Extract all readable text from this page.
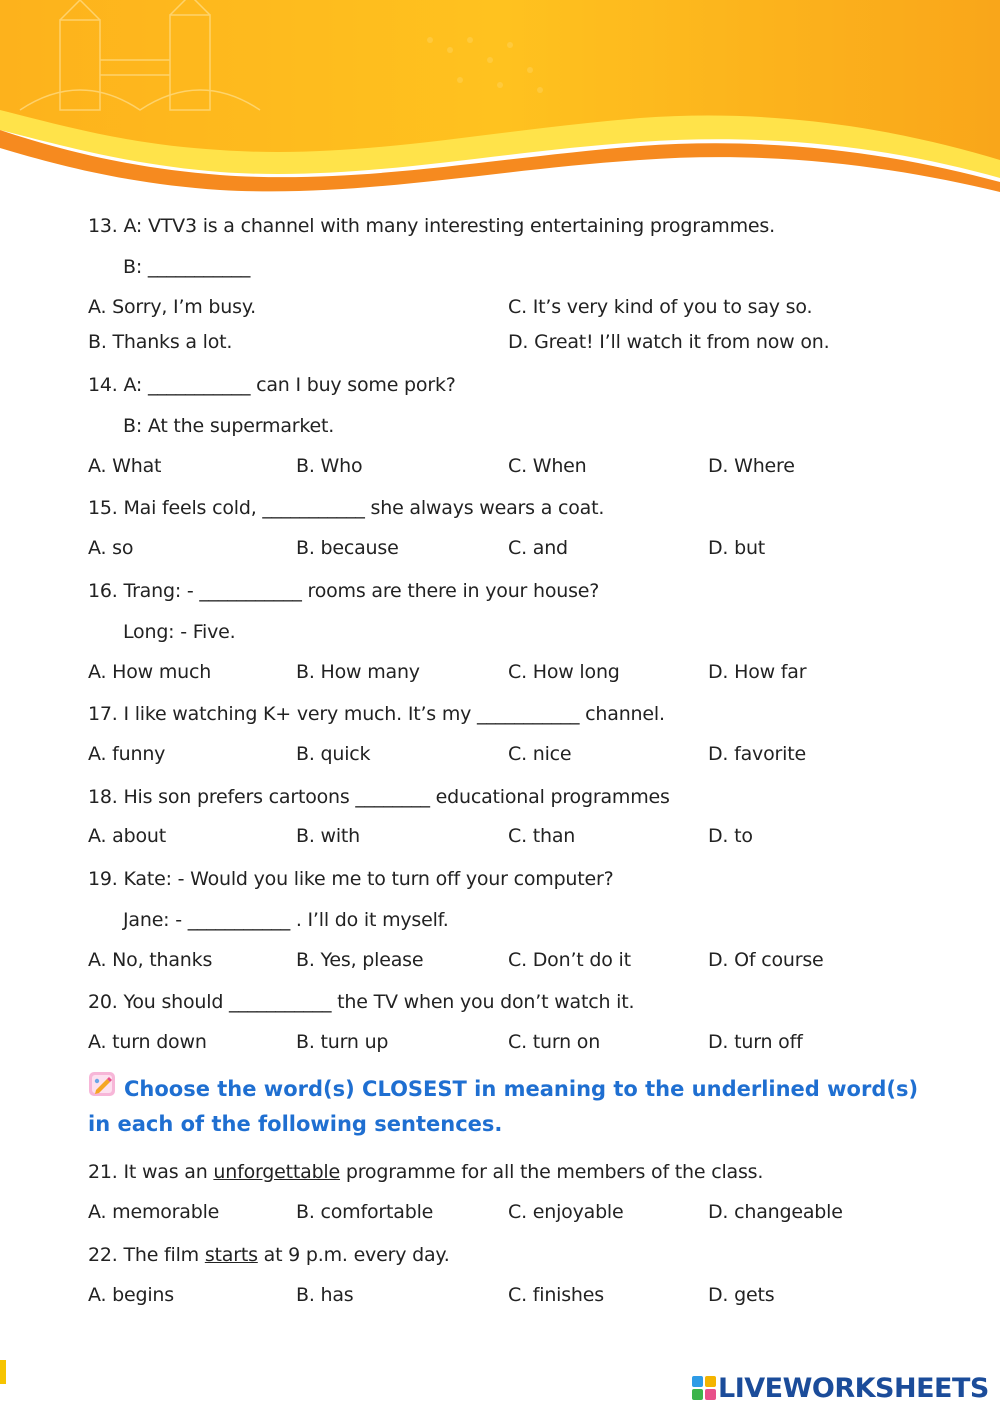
13. A: VTV3 is a channel with many interesting entertaining programmes.
B: ___________
A. Sorry, I’m busy.	C. It’s very kind of you to say so.
B. Thanks a lot.	D. Great! I’ll watch it from now on.
14. A: ___________ can I buy some pork?
B: At the supermarket.
A. What	B. Who	C. When	D. Where
15. Mai feels cold, ___________ she always wears a coat.
A. so	B. because	C. and	D. but
16. Trang: - ___________ rooms are there in your house?
Long: - Five.
A. How much	B. How many	C. How long	D. How far
17. I like watching K+ very much. It’s my ___________ channel.
A. funny	B. quick	C. nice	D. favorite
18. His son prefers cartoons ________ educational programmes
A. about	B. with	C. than	D. to
19. Kate: - Would you like me to turn off your computer?
Jane: - ___________ . I’ll do it myself.
A. No, thanks	B. Yes, please	C. Don’t do it	D. Of course
20. You should ___________ the TV when you don’t watch it.
A. turn down	B. turn up	C. turn on	D. turn off
Choose the word(s) CLOSEST in meaning to the underlined word(s)
in each of the following sentences.
21. It was an unforgettable programme for all the members of the class.
A. memorable	B. comfortable	C. enjoyable	D. changeable
22. The film starts at 9 p.m. every day.
A. begins	B. has	C. finishes	D. gets
LIVEWORKSHEETS
